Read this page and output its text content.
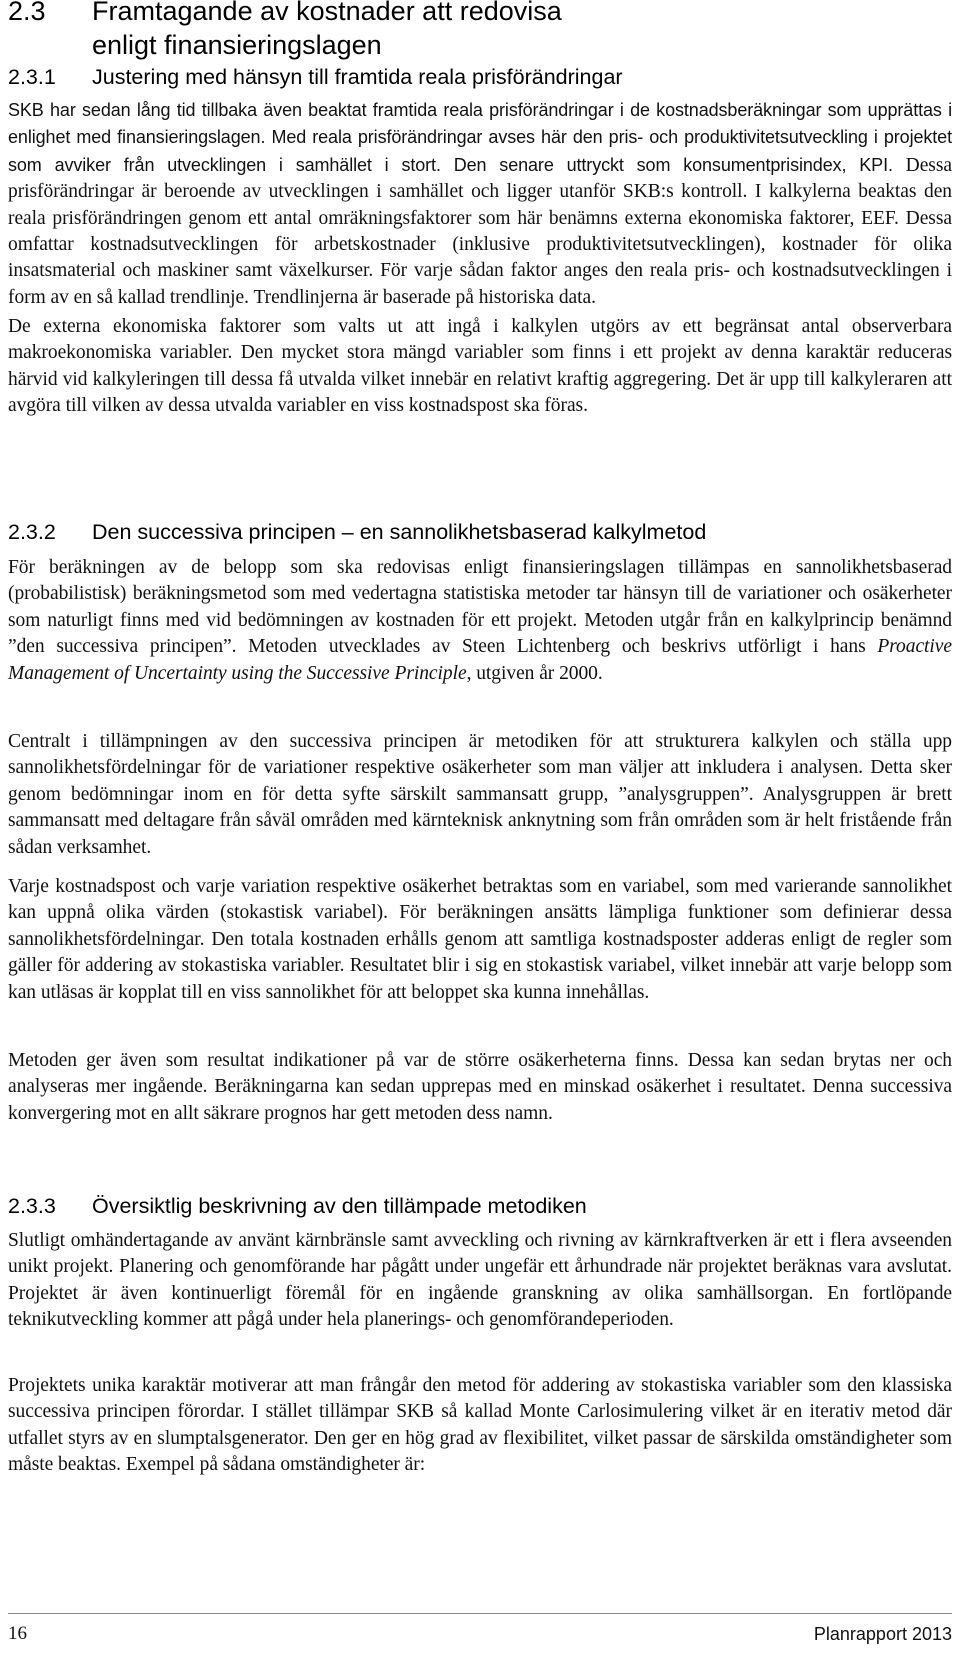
2.3 Framtagande av kostnader att redovisa
enligt finansieringslagen
2.3.1 Justering med hänsyn till framtida reala prisförändringar

SKB har sedan lång tid tillbaka även beaktat framtida reala prisförändringar i de kostnadsberäkningar som upprättas i enlighet med finansieringslagen. Med reala prisförändringar avses här den pris- och produktivitetsutveckling i projektet som avviker från utvecklingen i samhället i stort. Den senare uttryckt som konsumentprisindex, KPI. Dessa prisförändringar är beroende av utvecklingen i samhället och ligger utanför SKB:s kontroll. I kalkylerna beaktas den reala prisförändringen genom ett antal omräkningsfaktorer som här benämns externa ekonomiska faktorer, EEF. Dessa omfattar kostnadsutvecklingen för arbetskostnader (inklusive produktivitetsutvecklingen), kostnader för olika insatsmaterial och maskiner samt växelkurser. För varje sådan faktor anges den reala pris- och kostnadsutvecklingen i form av en så kallad trendlinje. Trendlinjerna är baserade på historiska data.

De externa ekonomiska faktorer som valts ut att ingå i kalkylen utgörs av ett begränsat antal observerbara makroekonomiska variabler. Den mycket stora mängd variabler som finns i ett projekt av denna karaktär reduceras härvid vid kalkyleringen till dessa få utvalda vilket innebär en relativt kraftig aggregering. Det är upp till kalkyleraren att avgöra till vilken av dessa utvalda variabler en viss kostnadspost ska föras.

2.3.2 Den successiva principen – en sannolikhetsbaserad kalkylmetod

För beräkningen av de belopp som ska redovisas enligt finansieringslagen tillämpas en sannolikhetsbaserad (probabilistisk) beräkningsmetod som med vedertagna statistiska metoder tar hänsyn till de variationer och osäkerheter som naturligt finns med vid bedömningen av kostnaden för ett projekt. Metoden utgår från en kalkylprincip benämnd ”den successiva principen”. Metoden utvecklades av Steen Lichtenberg och beskrivs utförligt i hans Proactive Management of Uncertainty using the Successive Principle, utgiven år 2000.

Centralt i tillämpningen av den successiva principen är metodiken för att strukturera kalkylen och ställa upp sannolikhetsfördelningar för de variationer respektive osäkerheter som man väljer att inkludera i analysen. Detta sker genom bedömningar inom en för detta syfte särskilt sammansatt grupp, ”analysgruppen”. Analysgruppen är brett sammansatt med deltagare från såväl områden med kärnteknisk anknytning som från områden som är helt fristående från sådan verksamhet.

Varje kostnadspost och varje variation respektive osäkerhet betraktas som en variabel, som med varierande sannolikhet kan uppnå olika värden (stokastisk variabel). För beräkningen ansätts lämpliga funktioner som definierar dessa sannolikhetsfördelningar. Den totala kostnaden erhålls genom att samtliga kostnadsposter adderas enligt de regler som gäller för addering av stokastiska variabler. Resultatet blir i sig en stokastisk variabel, vilket innebär att varje belopp som kan utläsas är kopplat till en viss sannolikhet för att beloppet ska kunna innehållas.

Metoden ger även som resultat indikationer på var de större osäkerheterna finns. Dessa kan sedan brytas ner och analyseras mer ingående. Beräkningarna kan sedan upprepas med en minskad osäkerhet i resultatet. Denna successiva konvergering mot en allt säkrare prognos har gett metoden dess namn.

2.3.3 Översiktlig beskrivning av den tillämpade metodiken

Slutligt omhändertagande av använt kärnbränsle samt avveckling och rivning av kärnkraftverken är ett i flera avseenden unikt projekt. Planering och genomförande har pågått under ungefär ett århundrade när projektet beräknas vara avslutat. Projektet är även kontinuerligt föremål för en ingående granskning av olika samhällsorgan. En fortlöpande teknikutveckling kommer att pågå under hela planerings- och genomförandeperioden.

Projektets unika karaktär motiverar att man frångår den metod för addering av stokastiska variabler som den klassiska successiva principen förordar. I stället tillämpar SKB så kallad Monte Carlosimulering vilket är en iterativ metod där utfallet styrs av en slumptalsgenerator. Den ger en hög grad av flexibilitet, vilket passar de särskilda omständigheter som måste beaktas. Exempel på sådana omständigheter är:

16	Planrapport 2013
